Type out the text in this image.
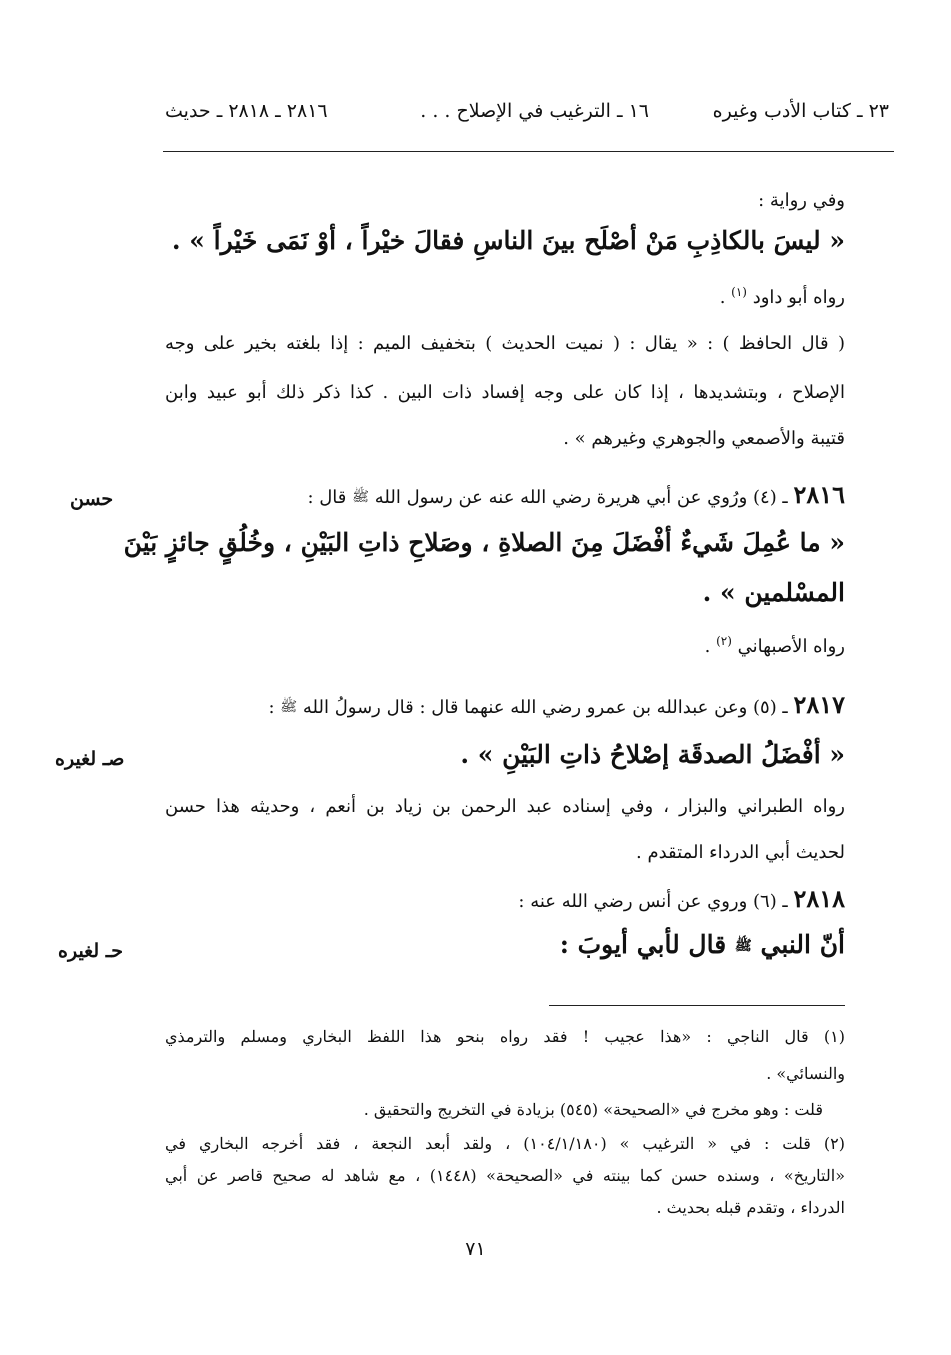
٢٣ ـ كتاب الأدب وغيره
١٦ ـ الترغيب في الإصلاح . . .
٢٨١٦ ـ ٢٨١٨ ـ حديث
وفي رواية :
« ليسَ بالكاذِبِ مَنْ أصْلَح بينَ الناسِ فقالَ خيْراً ، أوْ نَمَى خَيْراً » .
رواه أبو داود $^{(١)}$ .
( قال الحافظ ) : « يقال : ( نميت الحديث ) بتخفيف الميم : إذا بلغته بخير على وجه
الإصلاح ، وبتشديدها ، إذا كان على وجه إفساد ذات البين . كذا ذكر ذلك أبو عبيد وابن
قتيبة والأصمعي والجوهري وغيرهم » .
٢٨١٦ ـ (٤) ورُوي عن أبي هريرة رضي الله عنه عن رسول الله ﷺ قال :
حسن
« ما عُمِلَ شَيءٌ أفْضَلَ مِنَ الصلاةِ ، وصَلاحِ ذاتِ البَيْنِ ، وخُلُقٍ جائزٍ بَيْنَ
المسْلمين » .
رواه الأصبهاني $^{(٢)}$ .
٢٨١٧ ـ (٥) وعن عبدالله بن عمرو رضي الله عنهما قال : قال رسولُ الله ﷺ :
صـ لغيره	« أفْضَلُ الصدقَة إصْلاحُ ذاتِ البَيْنِ » .
رواه الطبراني والبزار ، وفي إسناده عبد الرحمن بن زياد بن أنعم ، وحديثه هذا حسن
لحديث أبي الدرداء المتقدم .
٢٨١٨ ـ (٦) وروي عن أنس رضي الله عنه :
حـ لغيره	أنّ النبي ﷺ قال لأبي أيوبَ :
(١) قال الناجي : «هذا عجيب ! فقد رواه بنحو هذا اللفظ البخاري ومسلم والترمذي
والنسائي» .
قلت : وهو مخرج في «الصحيحة» (٥٤٥) بزيادة في التخريج والتحقيق .
(٢) قلت : في « الترغيب » (١٠٤/١/١٨٠) ، ولقد أبعد النجعة ، فقد أخرجه البخاري في
«التاريخ» ، وسنده حسن كما بينته في «الصحيحة» (١٤٤٨) ، مع شاهد له صحيح قاصر عن أبي
الدرداء ، وتقدم قبله بحديث .
٧١
